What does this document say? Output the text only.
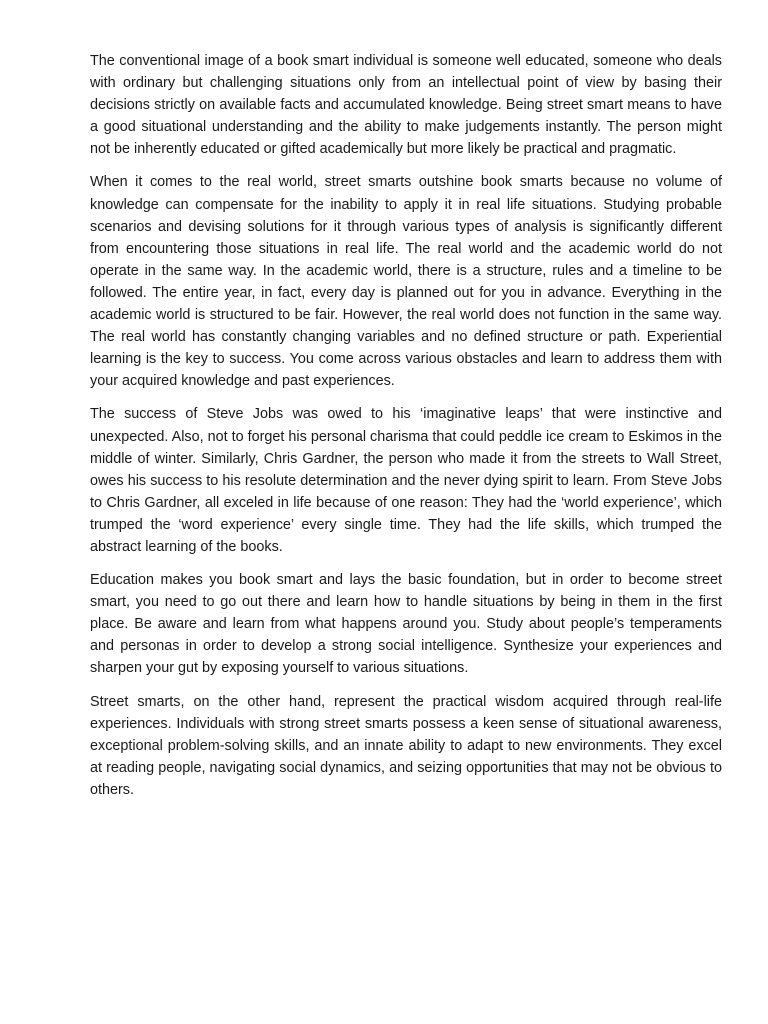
The conventional image of a book smart individual is someone well educated, someone who deals with ordinary but challenging situations only from an intellectual point of view by basing their decisions strictly on available facts and accumulated knowledge. Being street smart means to have a good situational understanding and the ability to make judgements instantly. The person might not be inherently educated or gifted academically but more likely be practical and pragmatic.

When it comes to the real world, street smarts outshine book smarts because no volume of knowledge can compensate for the inability to apply it in real life situations. Studying probable scenarios and devising solutions for it through various types of analysis is significantly different from encountering those situations in real life. The real world and the academic world do not operate in the same way. In the academic world, there is a structure, rules and a timeline to be followed. The entire year, in fact, every day is planned out for you in advance. Everything in the academic world is structured to be fair. However, the real world does not function in the same way. The real world has constantly changing variables and no defined structure or path. Experiential learning is the key to success. You come across various obstacles and learn to address them with your acquired knowledge and past experiences.

The success of Steve Jobs was owed to his ‘imaginative leaps’ that were instinctive and unexpected. Also, not to forget his personal charisma that could peddle ice cream to Eskimos in the middle of winter. Similarly, Chris Gardner, the person who made it from the streets to Wall Street, owes his success to his resolute determination and the never dying spirit to learn. From Steve Jobs to Chris Gardner, all exceled in life because of one reason: They had the ‘world experience’, which trumped the ‘word experience’ every single time. They had the life skills, which trumped the abstract learning of the books.

Education makes you book smart and lays the basic foundation, but in order to become street smart, you need to go out there and learn how to handle situations by being in them in the first place. Be aware and learn from what happens around you. Study about people’s temperaments and personas in order to develop a strong social intelligence. Synthesize your experiences and sharpen your gut by exposing yourself to various situations.

Street smarts, on the other hand, represent the practical wisdom acquired through real-life experiences. Individuals with strong street smarts possess a keen sense of situational awareness, exceptional problem-solving skills, and an innate ability to adapt to new environments. They excel at reading people, navigating social dynamics, and seizing opportunities that may not be obvious to others.
